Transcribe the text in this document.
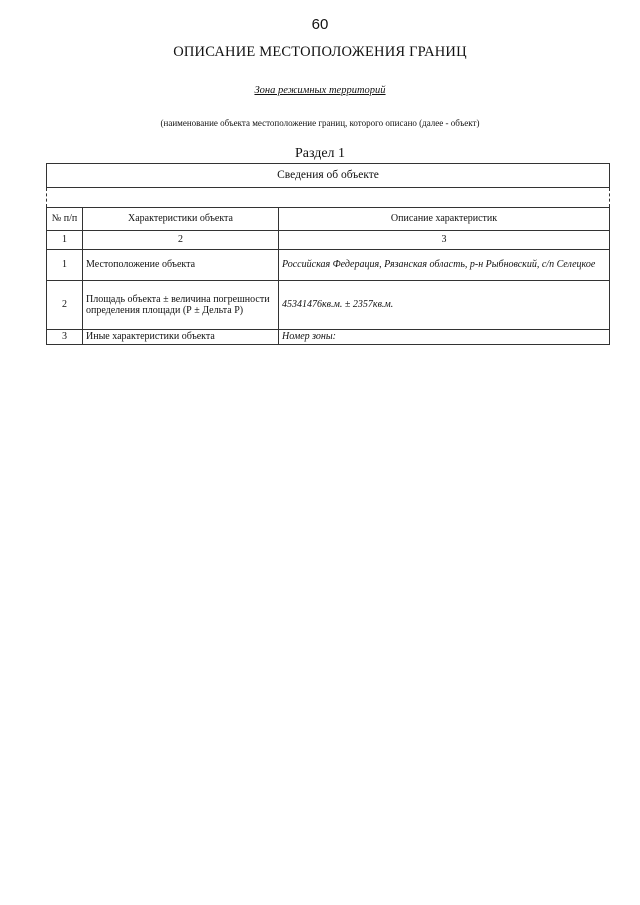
60
ОПИСАНИЕ МЕСТОПОЛОЖЕНИЯ ГРАНИЦ
Зона режимных территорий
(наименование объекта местоположение границ, которого описано (далее - объект)
Раздел 1
Сведения об объекте		

№ п/п	Характеристики объекта	Описание характеристик
1	2	3
1	Местоположение объекта	Российская Федерация, Рязанская область, р-н Рыбновский, с/п Селецкое
2	Площадь объекта ± величина погрешности определения площади (Р ± Дельта Р)	45341476кв.м. ± 2357кв.м.
3	Иные характеристики объекта	Номер зоны:
